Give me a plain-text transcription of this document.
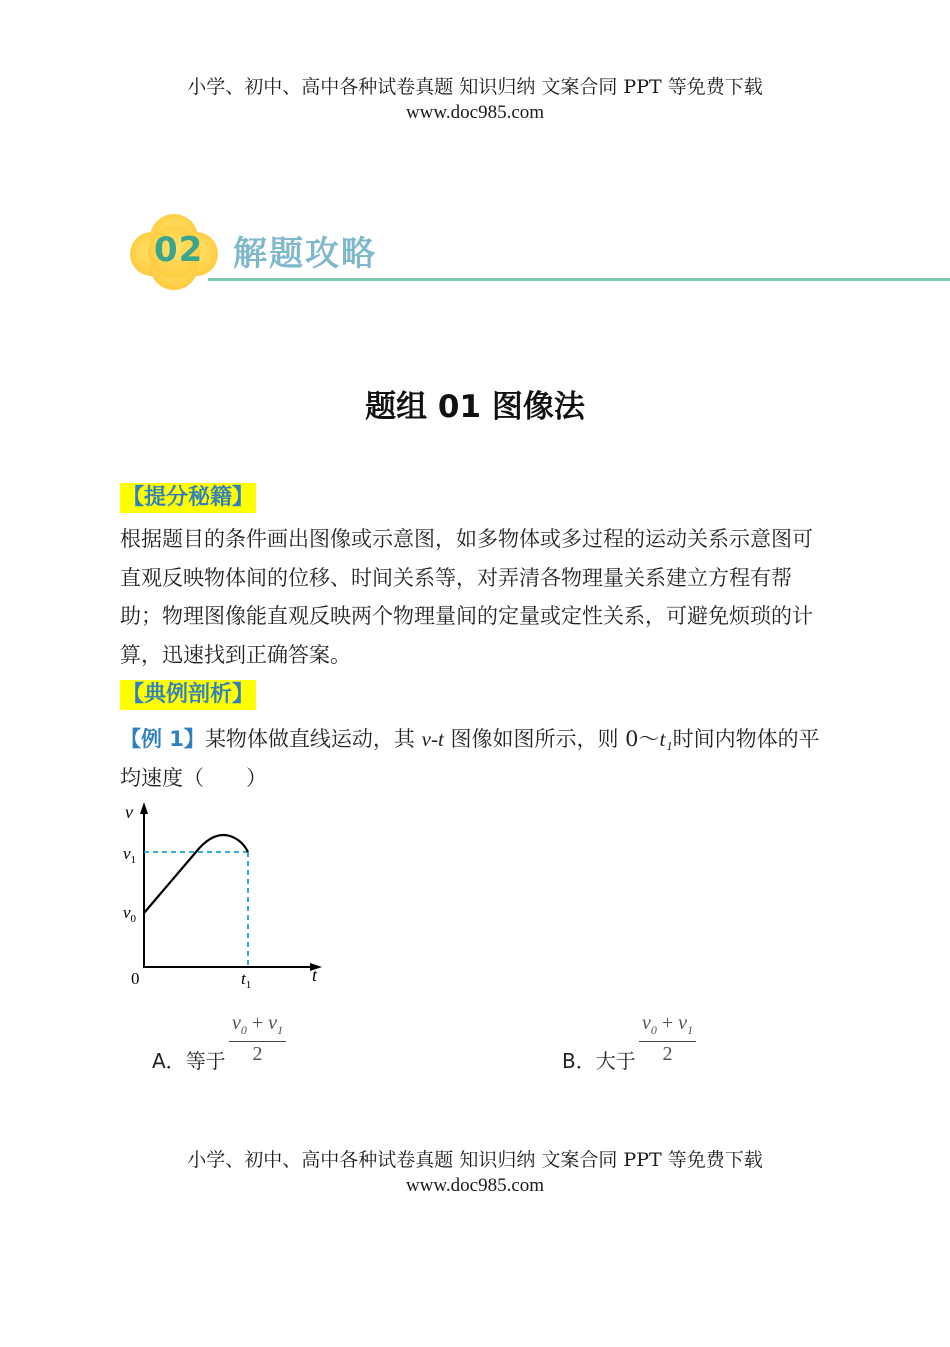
小学、初中、高中各种试卷真题 知识归纳 文案合同 PPT 等免费下载
www.doc985.com
02 解题攻略
题组 01 图像法
【提分秘籍】
根据题目的条件画出图像或示意图，如多物体或多过程的运动关系示意图可直观反映物体间的位移、时间关系等，对弄清各物理量关系建立方程有帮助；物理图像能直观反映两个物理量间的定量或定性关系，可避免烦琐的计算，迅速找到正确答案。
【典例剖析】
【例 1】某物体做直线运动，其 v-t 图像如图所示，则 0～t₁时间内物体的平均速度（　　）
v
$v_1$
$v_0$
0	$t_1$	t
A．等于 $\frac{v_0 + v_1}{2}$	B．大于 $\frac{v_0 + v_1}{2}$
小学、初中、高中各种试卷真题 知识归纳 文案合同 PPT 等免费下载
www.doc985.com
